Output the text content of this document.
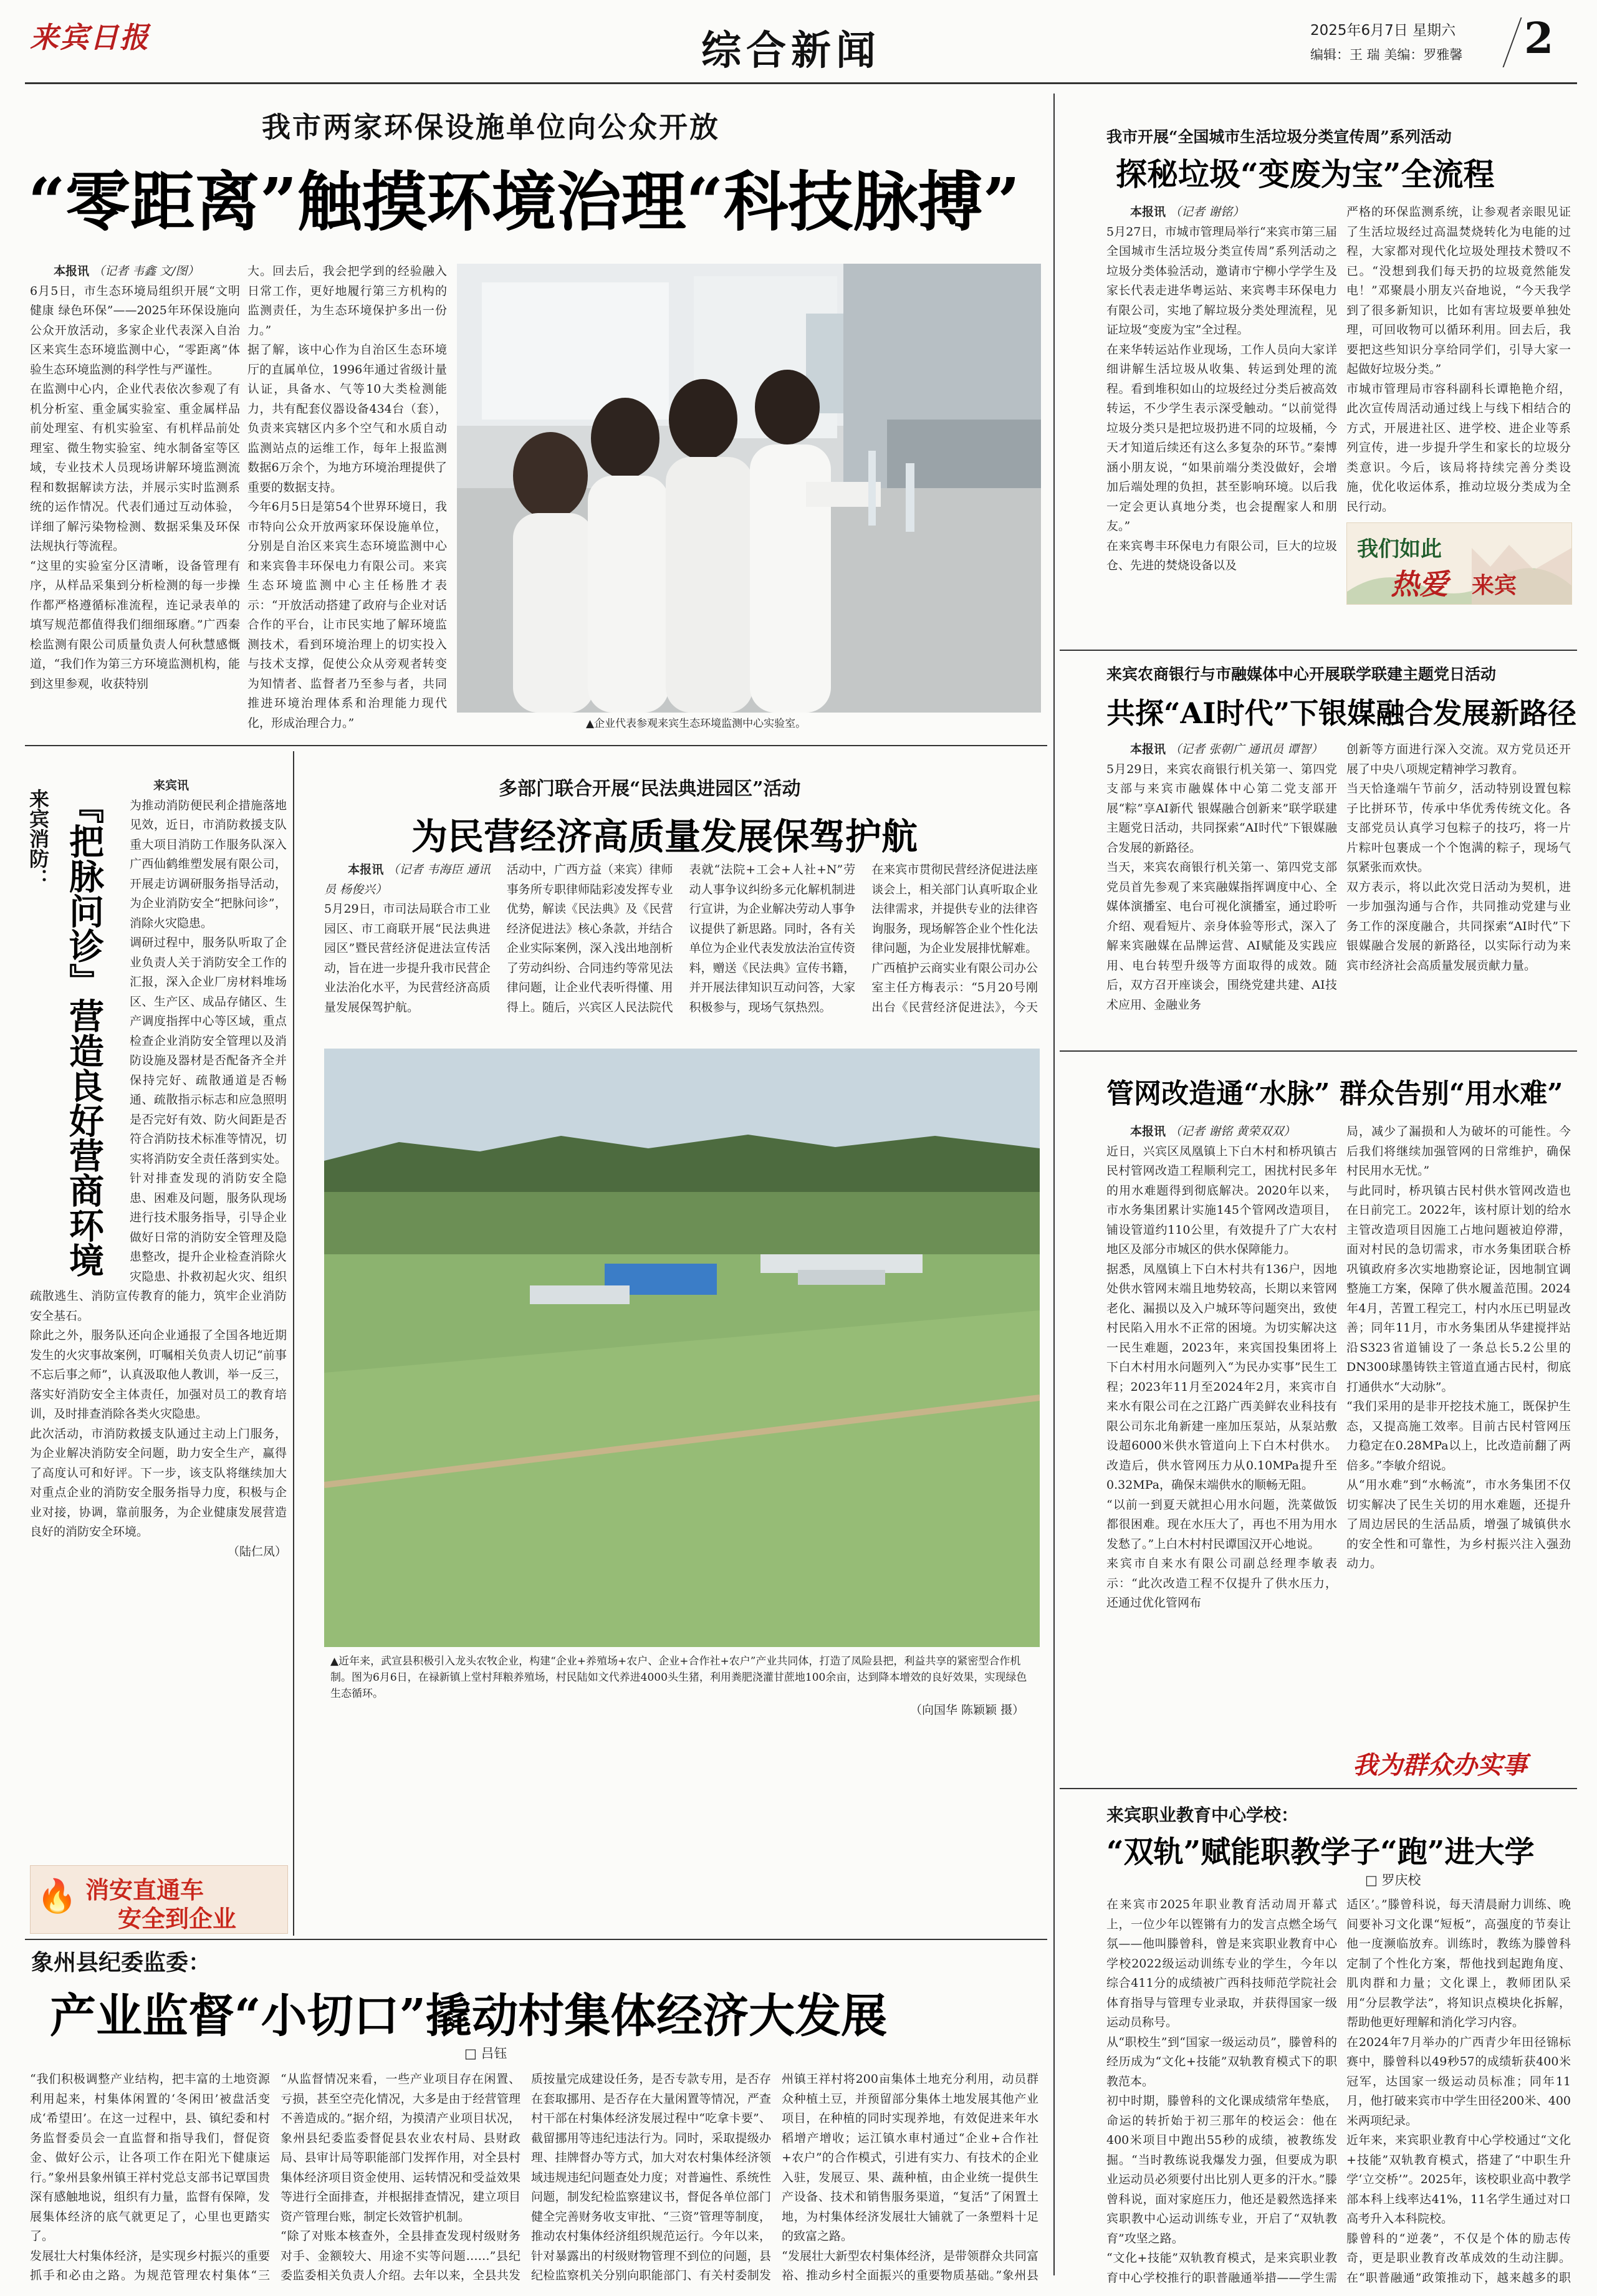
来宾日报	综合新闻	2025年6月7日 星期六
编辑：王 瑞 美编：罗雅馨 2
我市两家环保设施单位向公众开放
“零距离”触摸环境治理“科技脉搏”

本报讯 （记者 韦鑫 文/图）

6月5日，市生态环境局组织开展“文明健康 绿色环保”——2025年环保设施向公众开放活动，多家企业代表深入自治区来宾生态环境监测中心，“零距离”体验生态环境监测的科学性与严谨性。
在监测中心内，企业代表依次参观了有机分析室、重金属实验室、重金属样品前处理室、有机实验室、有机样品前处理室、微生物实验室、纯水制备室等区域，专业技术人员现场讲解环境监测流程和数据解读方法，并展示实时监测系统的运作情况。代表们通过互动体验，详细了解污染物检测、数据采集及环保法规执行等流程。
“这里的实验室分区清晰，设备管理有序，从样品采集到分析检测的每一步操作都严格遵循标准流程，连记录表单的填写规范都值得我们细细琢磨。”广西秦桧监测有限公司质量负责人何秋慧感慨道，“我们作为第三方环境监测机构，能到这里参观，收获特别

大。回去后，我会把学到的经验融入日常工作，更好地履行第三方机构的监测责任，为生态环境保护多出一份力。”
据了解，该中心作为自治区生态环境厅的直属单位，1996年通过省级计量认证，具备水、气等10大类检测能力，共有配套仪器设备434台（套），负责来宾辖区内多个空气和水质自动监测站点的运维工作，每年上报监测数据6万余个，为地方环境治理提供了重要的数据支持。
今年6月5日是第54个世界环境日，我市特向公众开放两家环保设施单位，分别是自治区来宾生态环境监测中心和来宾鲁丰环保电力有限公司。来宾生态环境监测中心主任杨胜才表示：“开放活动搭建了政府与企业对话合作的平台，让市民实地了解环境监测技术，看到环境治理上的切实投入与技术支撑，促使公众从旁观者转变为知情者、监督者乃至参与者，共同推进环境治理体系和治理能力现代化，形成治理合力。”	▲企业代表参观来宾生态环境监测中心实验室。
我市开展“全国城市生活垃圾分类宣传周”系列活动
探秘垃圾“变废为宝”全流程

本报讯 （记者 谢铭）

5月27日，市城市管理局举行“来宾市第三届全国城市生活垃圾分类宣传周”系列活动之垃圾分类体验活动，邀请市宁柳小学学生及家长代表走进华粤运站、来宾粤丰环保电力有限公司，实地了解垃圾分类处理流程，见证垃圾“变废为宝”全过程。
在来华转运站作业现场，工作人员向大家详细讲解生活垃圾从收集、转运到处理的流程。看到堆积如山的垃圾经过分类后被高效转运，不少学生表示深受触动。“以前觉得垃圾分类只是把垃圾扔进不同的垃圾桶，今天才知道后续还有这么多复杂的环节。”秦博涵小朋友说，“如果前端分类没做好，会增加后端处理的负担，甚至影响环境。以后我一定会更认真地分类，也会提醒家人和朋友。”
在来宾粤丰环保电力有限公司，巨大的垃圾仓、先进的焚烧设备以及

严格的环保监测系统，让参观者亲眼见证了生活垃圾经过高温焚烧转化为电能的过程，大家都对现代化垃圾处理技术赞叹不已。“没想到我们每天扔的垃圾竟然能发电！”邓聚晨小朋友兴奋地说，“今天我学到了很多新知识，比如有害垃圾要单独处理，可回收物可以循环利用。回去后，我要把这些知识分享给同学们，引导大家一起做好垃圾分类。”
市城市管理局市容科副科长谭艳艳介绍，此次宣传周活动通过线上与线下相结合的方式，开展进社区、进学校、进企业等系列宣传，进一步提升学生和家长的垃圾分类意识。今后，该局将持续完善分类设施，优化收运体系，推动垃圾分类成为全民行动。

我们如此
热爱 来宾
来宾农商银行与市融媒体中心开展联学联建主题党日活动
共探“AI时代”下银媒融合发展新路径

本报讯 （记者 张朝广 通讯员 谭智）

5月29日，来宾农商银行机关第一、第四党支部与来宾市融媒体中心第二党支部开展“粽”享AI新代 银媒融合创新来”联学联建主题党日活动，共同探索“AI时代”下银媒融合发展的新路径。
当天，来宾农商银行机关第一、第四党支部党员首先参观了来宾融媒指挥调度中心、全媒体演播室、电台可视化演播室，通过聆听介绍、观看短片、亲身体验等形式，深入了解来宾融媒在品牌运营、AI赋能及实践应用、电台转型升级等方面取得的成效。随后，双方召开座谈会，围绕党建共建、AI技术应用、金融业务

创新等方面进行深入交流。双方党员还开展了中央八项规定精神学习教育。
当天恰逢端午节前夕，活动特别设置包粽子比拼环节，传承中华优秀传统文化。各支部党员认真学习包粽子的技巧，将一片片粽叶包裹成一个个饱满的粽子，现场气氛紧张而欢快。
双方表示，将以此次党日活动为契机，进一步加强沟通与合作，共同推动党建与业务工作的深度融合，共同探索“AI时代”下银媒融合发展的新路径，以实际行动为来宾市经济社会高质量发展贡献力量。

管网改造通“水脉” 群众告别“用水难”

本报讯 （记者 谢铭 黄荣双双）

近日，兴宾区凤凰镇上下白木村和桥巩镇古民村管网改造工程顺利完工，困扰村民多年的用水难题得到彻底解决。2020年以来，市水务集团累计实施145个管网改造项目，铺设管道约110公里，有效提升了广大农村地区及部分市城区的供水保障能力。
据悉，凤凰镇上下白木村共有136户，因地处供水管网末端且地势较高，长期以来管网老化、漏损以及入户城环等问题突出，致使村民陷入用水不正常的困境。为切实解决这一民生难题，2023年，来宾国投集团将上下白木村用水问题列入“为民办实事”民生工程；2023年11月至2024年2月，来宾市自来水有限公司在之江路广西美鲜农业科技有限公司东北角新建一座加压泵站，从泵站敷设超6000米供水管道向上下白木村供水。改造后，供水管网压力从0.10MPa提升至0.32MPa，确保末端供水的顺畅无阻。
“以前一到夏天就担心用水问题，洗菜做饭都很困难。现在水压大了，再也不用为用水发愁了。”上白木村村民谭国汉开心地说。
来宾市自来水有限公司副总经理李敏表示：“此次改造工程不仅提升了供水压力，还通过优化管网布

局，减少了漏损和人为破坏的可能性。今后我们将继续加强管网的日常维护，确保村民用水无忧。”
与此同时，桥巩镇古民村供水管网改造也在日前完工。2022年，该村原计划的给水主管改造项目因施工占地问题被迫停滞，面对村民的急切需求，市水务集团联合桥巩镇政府多次实地勘察论证，因地制宜调整施工方案，保障了供水履盖范围。2024年4月，苦置工程完工，村内水压已明显改善；同年11月，市水务集团从华建搅拌站沿S323省道铺设了一条总长5.2公里的DN300球墨铸铁主管道直通古民村，彻底打通供水“大动脉”。
“我们采用的是非开挖技术施工，既保护生态，又提高施工效率。目前古民村管网压力稳定在0.28MPa以上，比改造前翻了两倍多。”李敏介绍说。
从“用水难”到“水畅流”，市水务集团不仅切实解决了民生关切的用水难题，还提升了周边居民的生活品质，增强了城镇供水的安全性和可靠性，为乡村振兴注入强劲动力。

我为群众办实事
来宾职业教育中心学校：
“双轨”赋能职教学子“跑”进大学
□ 罗庆校

在来宾市2025年职业教育活动周开幕式上，一位少年以铿锵有力的发言点燃全场气氛——他叫滕曾科，曾是来宾职业教育中心学校2022级运动训练专业的学生，今年以综合411分的成绩被广西科技师范学院社会体育指导与管理专业录取，并获得国家一级运动员称号。
从“职校生”到“国家一级运动员”，滕曾科的经历成为“文化+技能”双轨教育模式下的职教范本。
初中时期，滕曾科的文化课成绩常年垫底，命运的转折始于初三那年的校运会：他在400米项目中跑出55秒的成绩，被教练发掘。“当时教练说我爆发力强，但要成为职业运动员必须要付出比别人更多的汗水。”滕曾科说，面对家庭压力，他还是毅然选择来宾职教中心运动训练专业，开启了“双轨教育”攻坚之路。
“文化+技能”双轨教育模式，是来宾职业教育中心学校推行的职普融通举措——学生需

适区’。”滕曾科说，每天清晨耐力训练、晚间要补习文化课“短板”，高强度的节奏让他一度濒临放弃。训练时，教练为滕曾科定制了个性化方案，帮他找到起跑角度、肌肉群和力量；文化课上，教师团队采用“分层教学法”，将知识点模块化拆解，帮助他更好理解和消化学习内容。
在2024年7月举办的广西青少年田径锦标赛中，滕曾科以49秒57的成绩斩获400米冠军，达国家一级运动员标准；同年11月，他打破来宾市中学生田径200米、400米两项纪录。
近年来，来宾职业教育中心学校通过“文化+技能”双轨教育模式，搭建了“中职生升学‘立交桥’”。2025年，该校职业高中教学部本科上线率达41%，11名学生通过对口高考升入本科院校。
滕曾科的“逆袭”，不仅是个体的励志传奇，更是职业教育改革成效的生动注脚。在“职普融通”政策推动下，越来越多的职

来宾消防： 『把脉问诊』营造良好营商环境

来宾讯

为推动消防便民利企措施落地见效，近日，市消防救援支队重大项目消防工作服务队深入广西仙鹤维塑发展有限公司，开展走访调研服务指导活动，为企业消防安全“把脉问诊”，消除火灾隐患。
调研过程中，服务队听取了企业负责人关于消防安全工作的汇报，深入企业厂房材料堆场区、生产区、成品存储区、生产调度指挥中心等区域，重点检查企业消防安全管理以及消防设施及器材是否配备齐全并保持完好、疏散通道是否畅通、疏散指示标志和应急照明是否完好有效、防火间距是否符合消防技术标准等情况，切实将消防安全责任落到实处。针对排查发现的消防安全隐患、困难及问题，服务队现场进行技术服务指导，引导企业做好日常的消防安全管理及隐患整改，提升企业检查消除火灾隐患、扑救初起火灾、组织疏散逃生、消防宣传教育的能力，筑牢企业消防安全基石。
除此之外，服务队还向企业通报了全国各地近期发生的火灾事故案例，叮嘱相关负责人切记“前事不忘后事之师”，认真汲取他人教训，举一反三，落实好消防安全主体责任，加强对员工的教育培训，及时排查消除各类火灾隐患。
此次活动，市消防救援支队通过主动上门服务，为企业解决消防安全问题，助力安全生产，赢得了高度认可和好评。下一步，该支队将继续加大对重点企业的消防安全服务指导力度，积极与企业对接，协调，靠前服务，为企业健康发展营造良好的消防安全环境。

（陆仁凤）

🔥 消安直通车
安全到企业
多部门联合开展“民法典进园区”活动
为民营经济高质量发展保驾护航

本报讯 （记者 韦海臣 通讯员 杨俊兴）

5月29日，市司法局联合市工业园区、市工商联开展“民法典进园区”暨民营经济促进法宣传活动，旨在进一步提升我市民营企业法治化水平，为民营经济高质量发展保驾护航。
活动中，广西方益（来宾）律师事务所专职律师陆彩凌发挥专业优势，解读《民法典》及《民营经济促进法》核心条款，并结合企业实际案例，深入浅出地剖析了劳动纠纷、合同违约等常见法律问题，让企业代表听得懂、用得上。随后，兴宾区人民法院代表就“法院+工会+人社+N”劳动人事争议纠纷多元化解机制进行宣讲，为企业解决劳动人事争议提供了新思路。同时，各有关单位为企业代表发放法治宣传资料，赠送《民法典》宣传书籍，并开展法律知识互动问答，大家积极参与，现场气氛热烈。
在来宾市贯彻民营经济促进法座谈会上，相关部门认真听取企业法律需求，并提供专业的法律咨询服务，现场解答企业个性化法律问题，为企业发展排忧解难。
广西植护云商实业有限公司办公室主任方梅表示：“5月20号刚出台《民营经济促进法》，今天

▲近年来，武宣县积极引入龙头农牧企业，构建“企业+养殖场+农户、企业+合作社+农户”产业共同体，打造了凤险县把，利益共享的紧密型合作机制。图为6月6日，在禄新镇上堂村拜粮养殖场，村民陆如文代养进4000头生猪，利用粪肥浇灌甘蔗地100余亩，达到降本增效的良好效果，实现绿色生态循环。
（向国华 陈颖颖 摄）
象州县纪委监委：
产业监督“小切口”撬动村集体经济大发展
□ 吕钰

“我们积极调整产业结构，把丰富的土地资源利用起来，村集体闲置的‘冬闲田’被盘活变成‘希望田’。在这一过程中，县、镇纪委和村务监督委员会一直监督和指导我们，督促资金、做好公示，让各项工作在阳光下健康运行。”象州县象州镇王祥村党总支部书记覃国贵深有感触地说，组织有力量，监督有保障，发展集体经济的底气就更足了，心里也更踏实了。
发展壮大村集体经济，是实现乡村振兴的重要抓手和必由之路。为规范管理农村集体“三

“从监督情况来看，一些产业项目存在闲置、亏损，甚至空壳化情况，大多是由于经营管理不善造成的。”据介绍，为摸清产业项目状况，象州县纪委监委督促县农业农村局、县财政局、县审计局等职能部门发挥作用，对全县村集体经济项目资金使用、运转情况和受益效果等进行全面排查，并根据排查情况，建立项目资产管理台账，制定长效管护机制。
“除了对账本核查外，全县排查发现村级财务对手、金额较大、用途不实等问题……”县纪委监委相关负责人介绍。去年以来，全县共发

质按量完成建设任务，是否专款专用，是否存在套取挪用、是否存在大量闲置等情况，严查村干部在村集体经济发展过程中“吃拿卡要”、截留挪用等违纪违法行为。同时，采取提级办理、挂牌督办等方式，加大对农村集体经济领域违规违纪问题查处力度；对普遍性、系统性问题，制发纪检监察建议书，督促各单位部门健全完善财务收支审批、“三资”管理等制度，推动农村集体经济组织规范运行。今年以来，针对暴露出的村级财物管理不到位的问题，县纪检监察机关分别向职能部门、有关村委制发

州镇王祥村将200亩集体土地充分利用，动员群众种植土豆，并预留部分集体土地发展其他产业项目，在种植的同时实现养地，有效促进来年水稻增产增收；运江镇水車村通过“企业+合作社+农户”的合作模式，引进有实力、有技术的企业入驻，发展豆、果、蔬种植，由企业统一提供生产设备、技术和销售服务渠道，“复活”了闲置土地，为村集体经济发展壮大铺就了一条塑料十足的致富之路。
“发展壮大新型农村集体经济，是带领群众共同富裕、推动乡村全面振兴的重要物质基础。”象州县
